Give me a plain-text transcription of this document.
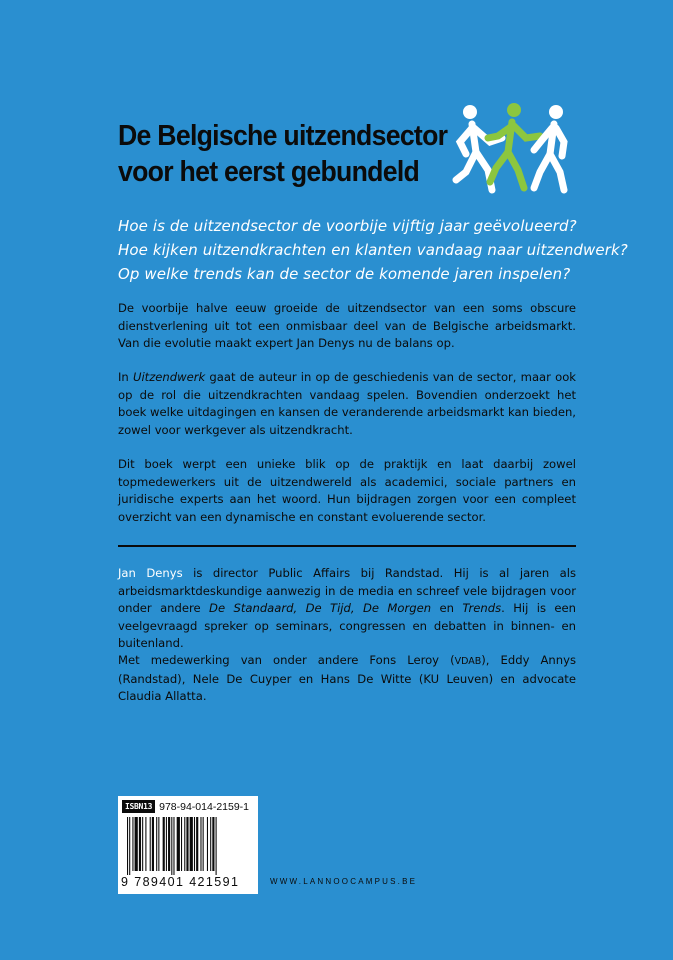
De Belgische uitzendsector
voor het eerst gebundeld
Hoe is de uitzendsector de voorbije vijftig jaar geëvolueerd?
Hoe kijken uitzendkrachten en klanten vandaag naar uitzendwerk?
Op welke trends kan de sector de komende jaren inspelen?

De voorbije halve eeuw groeide de uitzendsector van een soms obscure dienstverlening uit tot een onmisbaar deel van de Belgische arbeidsmarkt. Van die evolutie maakt expert Jan Denys nu de balans op.

In Uitzendwerk gaat de auteur in op de geschiedenis van de sector, maar ook op de rol die uitzendkrachten vandaag spelen. Bovendien onderzoekt het boek welke uitdagingen en kansen de veranderende arbeidsmarkt kan bieden, zowel voor werkgever als uitzendkracht.

Dit boek werpt een unieke blik op de praktijk en laat daarbij zowel topmedewerkers uit de uitzendwereld als academici, sociale partners en juridische experts aan het woord. Hun bijdragen zorgen voor een compleet overzicht van een dynamische en constant evoluerende sector.

Jan Denys is director Public Affairs bij Randstad. Hij is al jaren als arbeidsmarktdeskundige aanwezig in de media en schreef vele bijdragen voor onder andere De Standaard, De Tijd, De Morgen en Trends. Hij is een veelgevraagd spreker op seminars, congressen en debatten in binnen- en buitenland.

Met medewerking van onder andere Fons Leroy (VDAB), Eddy Annys (Randstad), Nele De Cuyper en Hans De Witte (KU Leuven) en advocate Claudia Allatta.

ISBN13 978-94-014-2159-1
9 789401 421591	WWW.LANNOOCAMPUS.BE
